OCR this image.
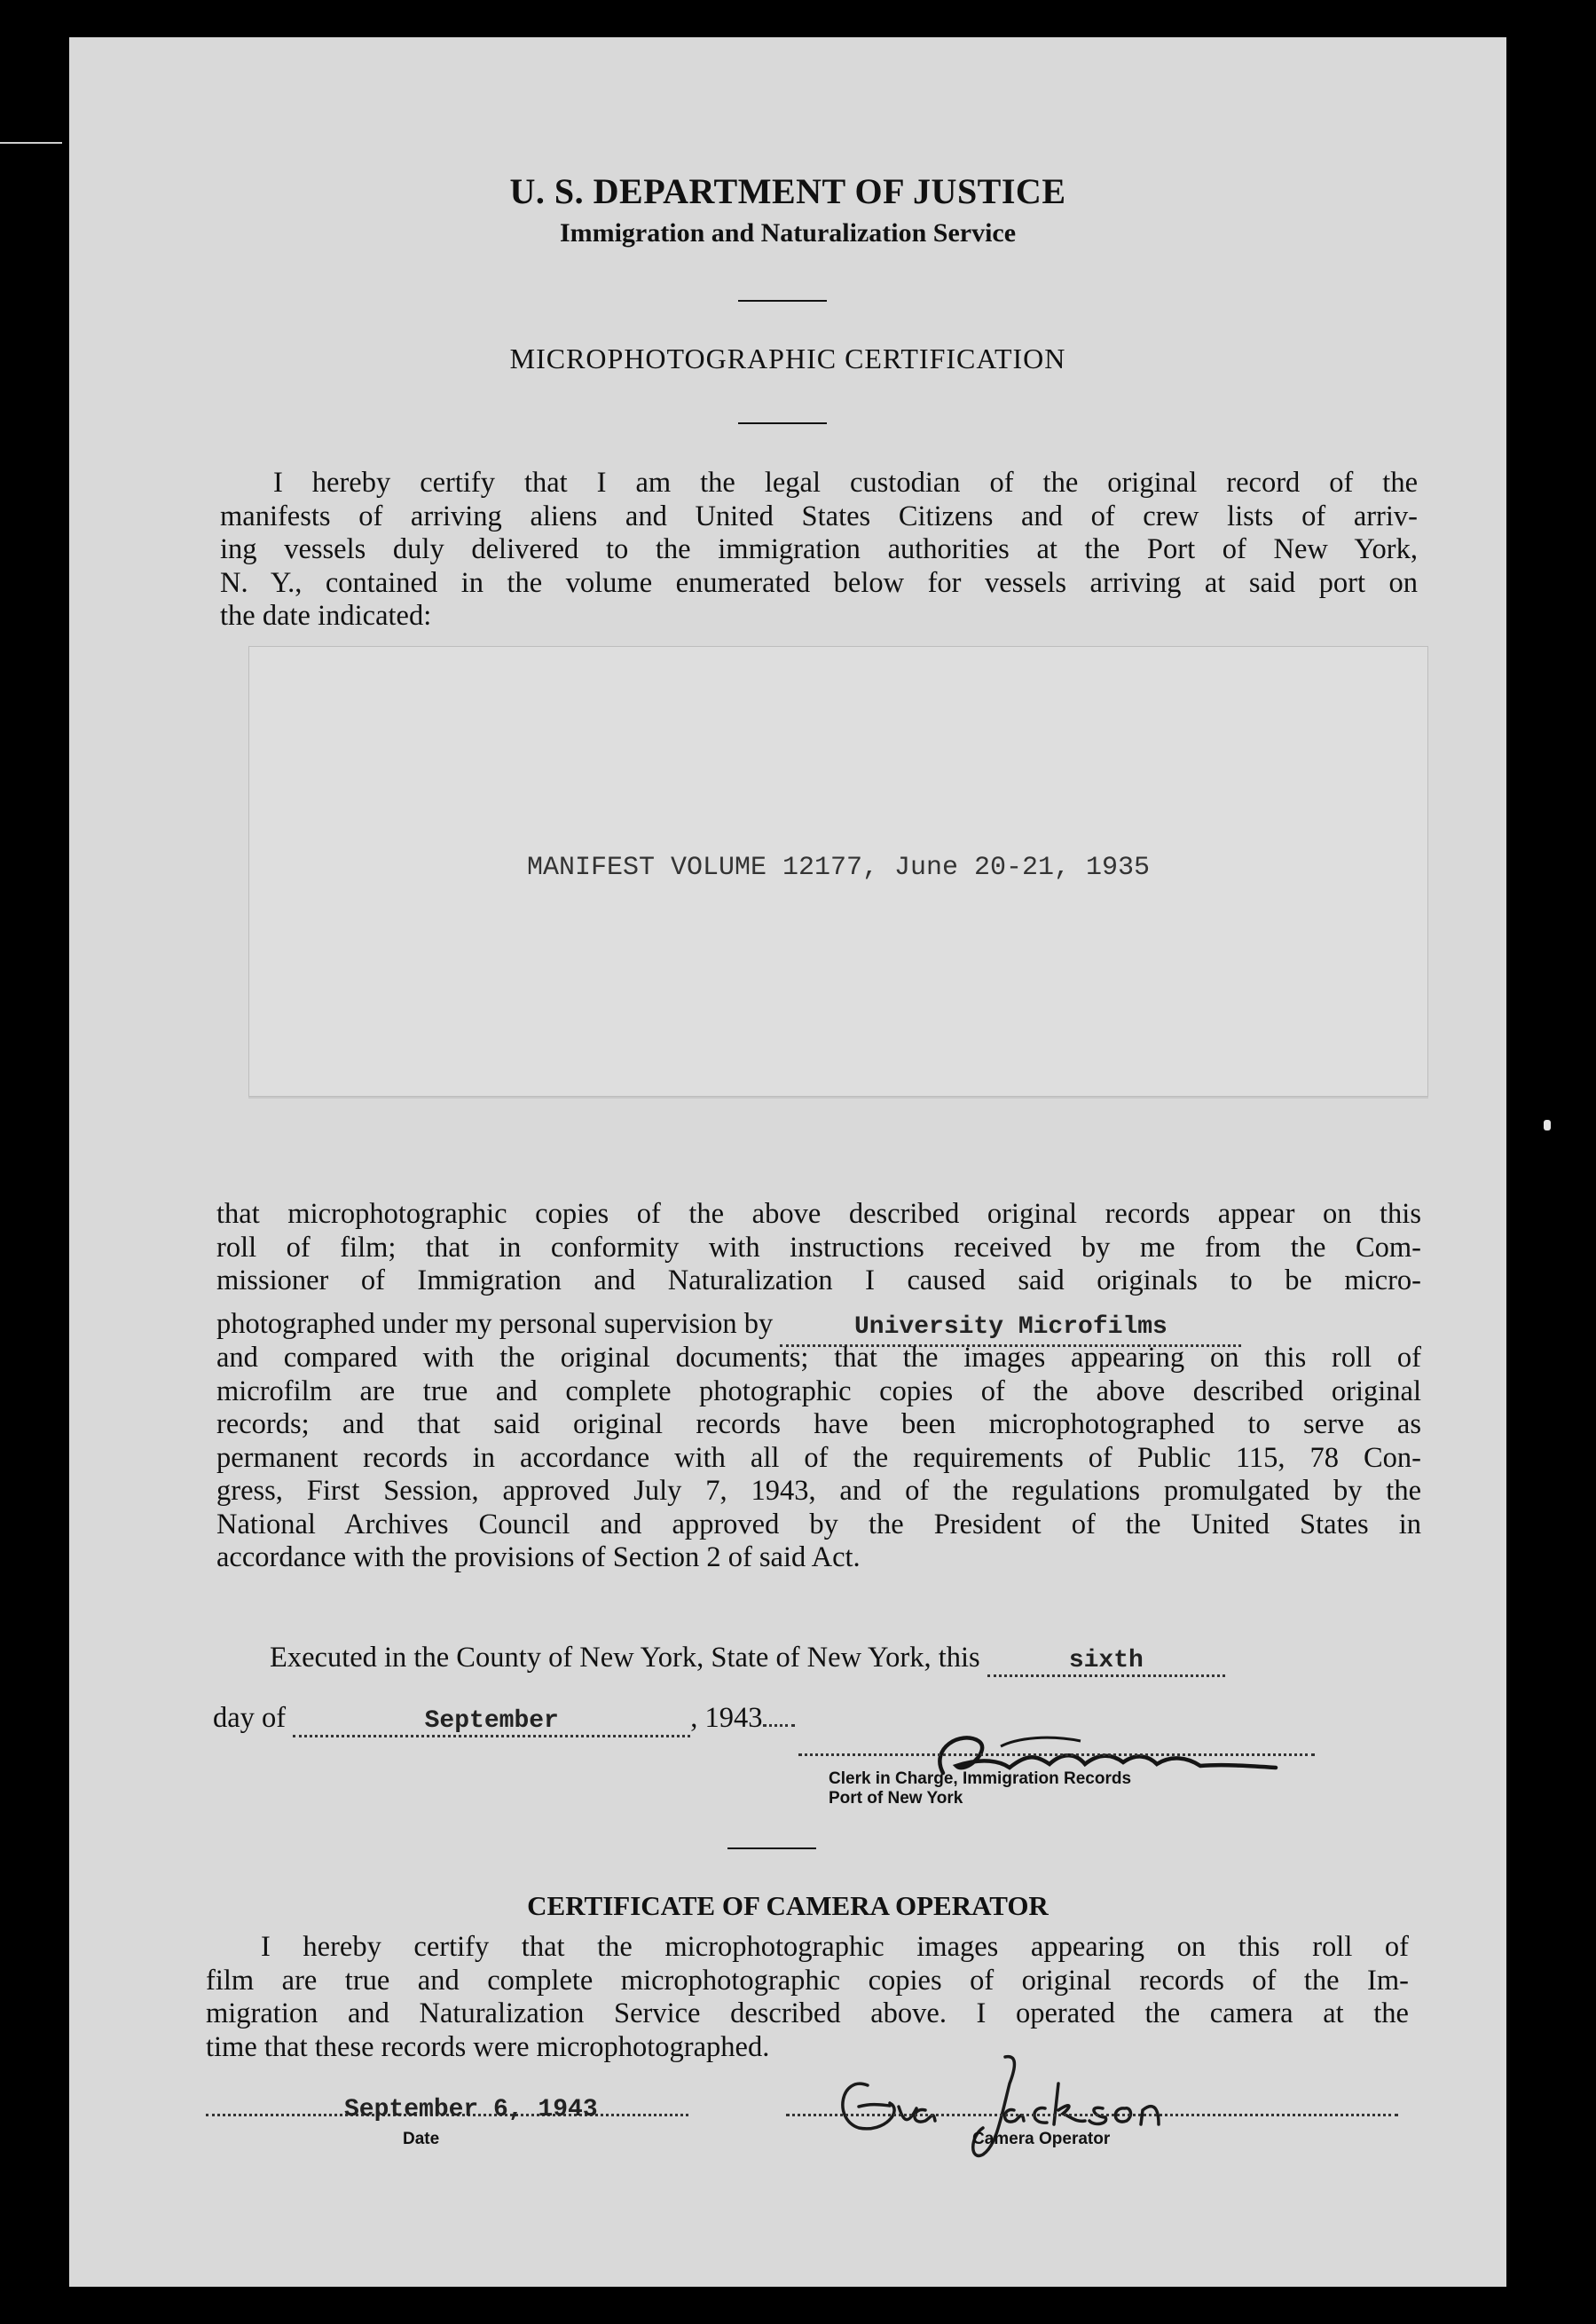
U. S. DEPARTMENT OF JUSTICE
Immigration and Naturalization Service
MICROPHOTOGRAPHIC CERTIFICATION
I hereby certify that I am the legal custodian of the original record of the
manifests of arriving aliens and United States Citizens and of crew lists of arriv-
ing vessels duly delivered to the immigration authorities at the Port of New York,
N. Y., contained in the volume enumerated below for vessels arriving at said port on
the date indicated:
MANIFEST VOLUME 12177, June 20-21, 1935
that microphotographic copies of the above described original records appear on this
roll of film; that in conformity with instructions received by me from the Com-
missioner of Immigration and Naturalization I caused said originals to be micro-
photographed under my personal supervision by	University Microfilms
and compared with the original documents; that the images appearing on this roll of
microfilm are true and complete photographic copies of the above described original
records; and that said original records have been microphotographed to serve as
permanent records in accordance with all of the requirements of Public 115, 78 Con-
gress, First Session, approved July 7, 1943, and of the regulations promulgated by the
National Archives Council and approved by the President of the United States in
accordance with the provisions of Section 2 of said Act.
Executed in the County of New York, State of New York, this	sixth
day of	September	, 1943
Clerk in Charge, Immigration Records
Port of New York
CERTIFICATE OF CAMERA OPERATOR
I hereby certify that the microphotographic images appearing on this roll of
film are true and complete microphotographic copies of original records of the Im-
migration and Naturalization Service described above. I operated the camera at the
time that these records were microphotographed.
September 6, 1943
Date	Camera Operator
